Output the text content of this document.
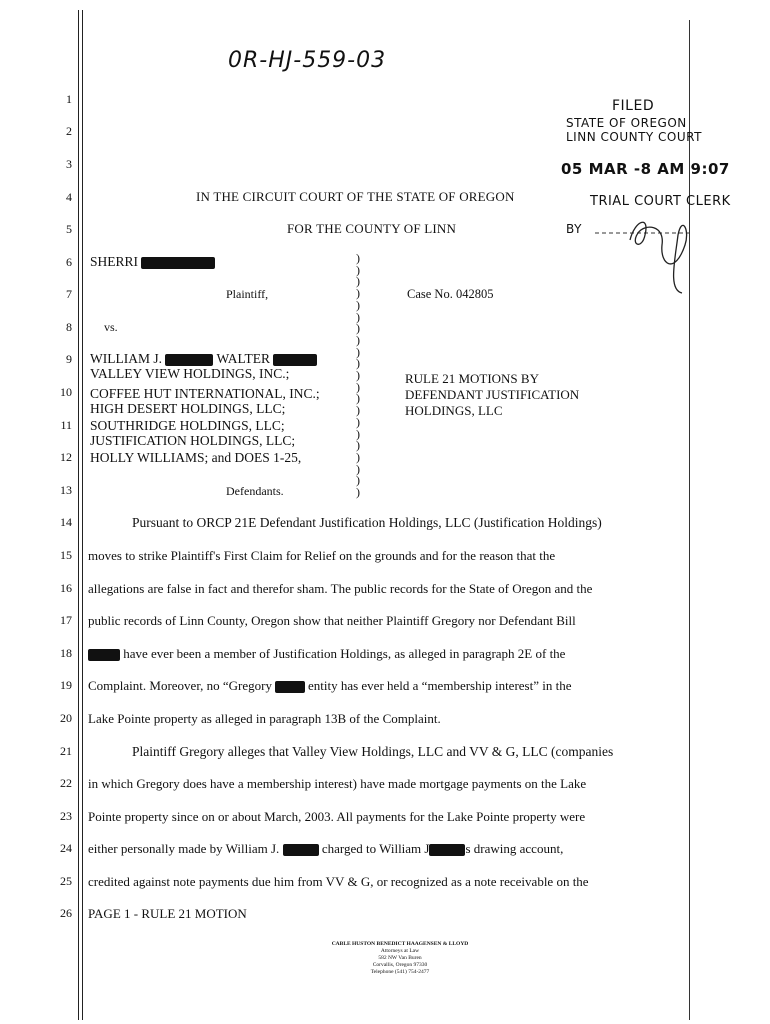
0R-HJ-559-03
FILED
STATE OF OREGON
LINN COUNTY COURT
05 MAR -8 AM 9:07
TRIAL COURT CLERK
BY
1
2
3
4
5
6
7
8
9
10
11
12
13
14
15
16
17
18
19
20
21
22
23
24
25
26
IN THE CIRCUIT COURT OF THE STATE OF OREGON
FOR THE COUNTY OF LINN
SHERRI
Plaintiff,
vs.
WILLIAM J.	WALTER
VALLEY VIEW HOLDINGS, INC.;
COFFEE HUT INTERNATIONAL, INC.;
HIGH DESERT HOLDINGS, LLC;
SOUTHRIDGE HOLDINGS, LLC;
JUSTIFICATION HOLDINGS, LLC;
HOLLY WILLIAMS; and DOES 1-25,
Defendants.
)
)
)
)
)
)
)
)
)
)
)
)
)
)
)
)
)
)
)
)
)
Case No. 042805
RULE 21 MOTIONS BY
DEFENDANT JUSTIFICATION
HOLDINGS, LLC
Pursuant to ORCP 21E Defendant Justification Holdings, LLC (Justification Holdings)
moves to strike Plaintiff's First Claim for Relief on the grounds and for the reason that the
allegations are false in fact and therefor sham. The public records for the State of Oregon and the
public records of Linn County, Oregon show that neither Plaintiff Gregory nor Defendant Bill
have ever been a member of Justification Holdings, as alleged in paragraph 2E of the
Complaint. Moreover, no “Gregory	entity has ever held a “membership interest” in the
Lake Pointe property as alleged in paragraph 13B of the Complaint.
Plaintiff Gregory alleges that Valley View Holdings, LLC and VV & G, LLC (companies
in which Gregory does have a membership interest) have made mortgage payments on the Lake
Pointe property since on or about March, 2003. All payments for the Lake Pointe property were
either personally made by William J.	charged to William J	s drawing account,
credited against note payments due him from VV & G, or recognized as a note receivable on the
PAGE 1 - RULE 21 MOTION
CABLE HUSTON BENEDICT HAAGENSEN & LLOYD
Attorneys at Law
582 NW Van Buren
Corvallis, Oregon 97330
Telephone (541) 754-2477
